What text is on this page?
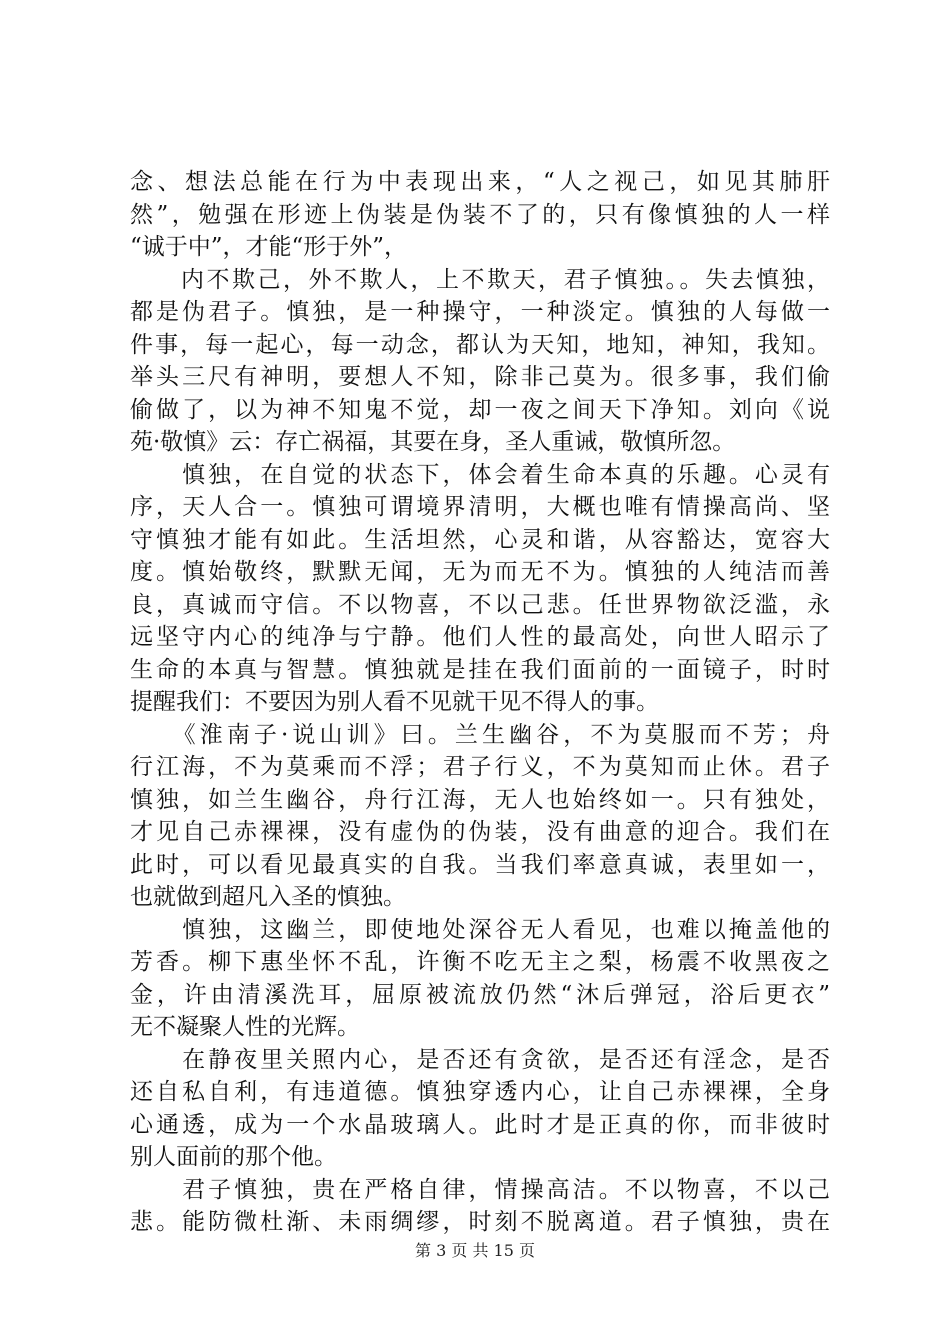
念、想法总能在行为中表现出来，“人之视己，如见其肺肝
然”，勉强在形迹上伪装是伪装不了的，只有像慎独的人一样
“诚于中”，才能“形于外”，
　　内不欺己，外不欺人，上不欺天，君子慎独。。失去慎独，
都是伪君子。慎独，是一种操守，一种淡定。慎独的人每做一
件事，每一起心，每一动念，都认为天知，地知，神知，我知。
举头三尺有神明，要想人不知，除非己莫为。很多事，我们偷
偷做了，以为神不知鬼不觉，却一夜之间天下净知。刘向《说
苑·敬慎》云：存亡祸福，其要在身，圣人重诫，敬慎所忽。
　　慎独，在自觉的状态下，体会着生命本真的乐趣。心灵有
序，天人合一。慎独可谓境界清明，大概也唯有情操高尚、坚
守慎独才能有如此。生活坦然，心灵和谐，从容豁达，宽容大
度。慎始敬终，默默无闻，无为而无不为。慎独的人纯洁而善
良，真诚而守信。不以物喜，不以己悲。任世界物欲泛滥，永
远坚守内心的纯净与宁静。他们人性的最高处，向世人昭示了
生命的本真与智慧。慎独就是挂在我们面前的一面镜子，时时
提醒我们：不要因为别人看不见就干见不得人的事。
　　《淮南子·说山训》曰。兰生幽谷，不为莫服而不芳；舟
行江海，不为莫乘而不浮；君子行义，不为莫知而止休。君子
慎独，如兰生幽谷，舟行江海，无人也始终如一。只有独处，
才见自己赤裸裸，没有虚伪的伪装，没有曲意的迎合。我们在
此时，可以看见最真实的自我。当我们率意真诚，表里如一，
也就做到超凡入圣的慎独。
　　慎独，这幽兰，即使地处深谷无人看见，也难以掩盖他的
芳香。柳下惠坐怀不乱，许衡不吃无主之梨，杨震不收黑夜之
金，许由清溪洗耳，屈原被流放仍然“沐后弹冠，浴后更衣”
无不凝聚人性的光辉。
　　在静夜里关照内心，是否还有贪欲，是否还有淫念，是否
还自私自利，有违道德。慎独穿透内心，让自己赤裸裸，全身
心通透，成为一个水晶玻璃人。此时才是正真的你，而非彼时
别人面前的那个他。
　　君子慎独，贵在严格自律，情操高洁。不以物喜，不以己
悲。能防微杜渐、未雨绸缪，时刻不脱离道。君子慎独，贵在
第 3 页 共 15 页
